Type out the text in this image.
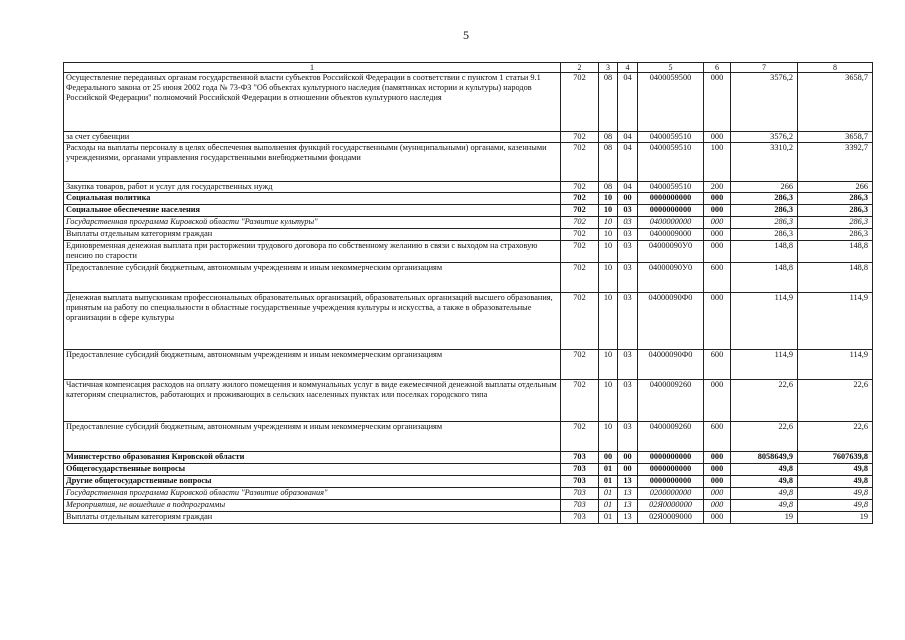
5
1	2	3	4	5	6	7	8
Осуществление переданных органам государственной власти субъектов Российской Федерации в соответствии с пунктом 1 статьи 9.1 Федерального закона от 25 июня 2002 года № 73-ФЗ "Об объектах культурного наследия (памятниках истории и культуры) народов Российской Федерации" полномочий Российской Федерации в отношении объектов культурного наследия	702	08	04	0400059500	000	3576,2	3658,7
за счет субвенции	702	08	04	0400059510	000	3576,2	3658,7
Расходы на выплаты персоналу в целях обеспечения выполнения функций государственными (муниципальными) органами, казенными учреждениями, органами управления государственными внебюджетными фондами	702	08	04	0400059510	100	3310,2	3392,7
Закупка товаров, работ и услуг для государственных нужд	702	08	04	0400059510	200	266	266
Социальная политика	702	10	00	0000000000	000	286,3	286,3
Социальное обеспечение населения	702	10	03	0000000000	000	286,3	286,3
Государственная программа Кировской области "Развитие культуры"	702	10	03	0400000000	000	286,3	286,3
Выплаты отдельным категориям граждан	702	10	03	0400009000	000	286,3	286,3
Единовременная денежная выплата при расторжении трудового договора по собственному желанию в связи с выходом на страховую пенсию по старости	702	10	03	04000090У0	000	148,8	148,8
Предоставление субсидий бюджетным, автономным учреждениям и иным некоммерческим организациям	702	10	03	04000090У0	600	148,8	148,8
Денежная выплата выпускникам профессиональных образовательных организаций, образовательных организаций высшего образования, принятым на работу по специальности в областные государственные учреждения культуры и искусства, а также в образовательные организации в сфере культуры	702	10	03	04000090Ф0	000	114,9	114,9
Предоставление субсидий бюджетным, автономным учреждениям и иным некоммерческим организациям	702	10	03	04000090Ф0	600	114,9	114,9
Частичная компенсация расходов на оплату жилого помещения и коммунальных услуг в виде ежемесячной денежной выплаты отдельным категориям специалистов, работающих и проживающих в сельских населенных пунктах или поселках городского типа	702	10	03	0400009260	000	22,6	22,6
Предоставление субсидий бюджетным, автономным учреждениям и иным некоммерческим организациям	702	10	03	0400009260	600	22,6	22,6
Министерство образования Кировской области	703	00	00	0000000000	000	8058649,9	7607639,8
Общегосударственные вопросы	703	01	00	0000000000	000	49,8	49,8
Другие общегосударственные вопросы	703	01	13	0000000000	000	49,8	49,8
Государственная программа Кировской области "Развитие образования"	703	01	13	0200000000	000	49,8	49,8
Мероприятия, не вошедшие в подпрограммы	703	01	13	02Я0000000	000	49,8	49,8
Выплаты отдельным категориям граждан	703	01	13	02Я0009000	000	19	19
